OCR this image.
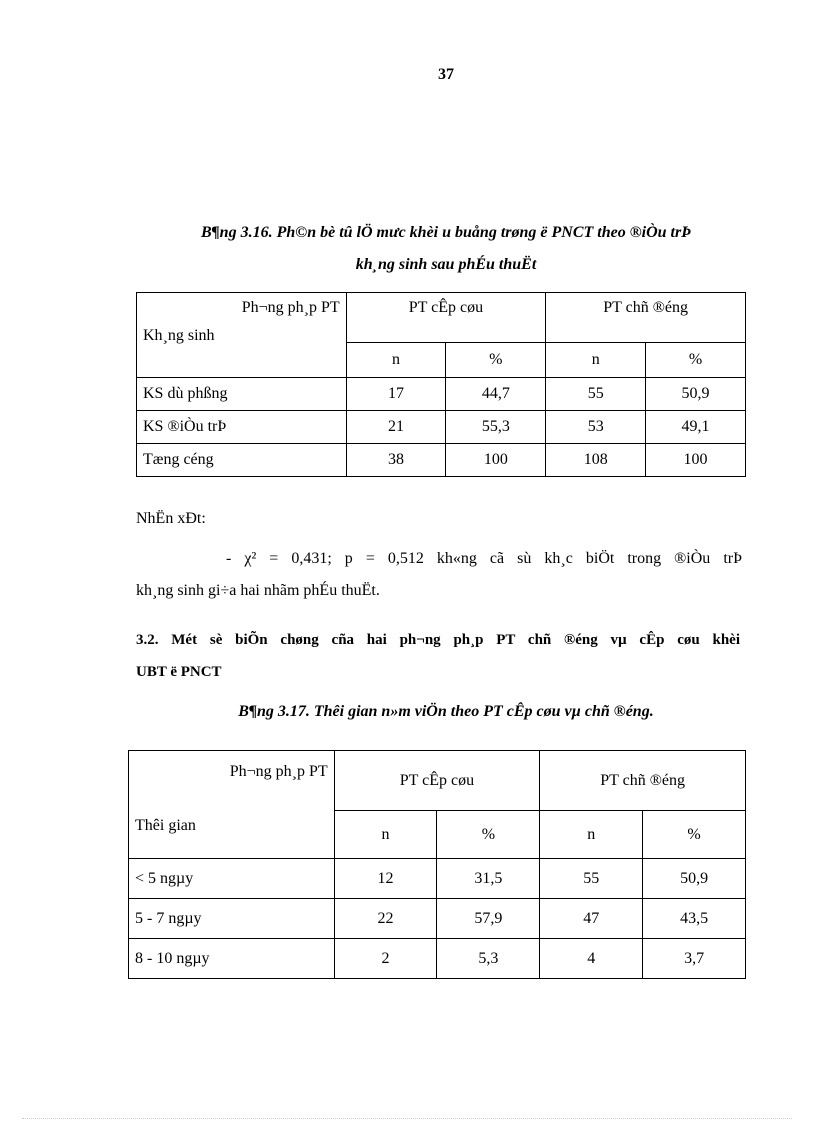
37
B¶ng 3.16. Ph©n bè tû lÖ mưc khèi u buång trøng ë PNCT theo ®iÒu trÞ
kh¸ng sinh sau phÉu thuËt
Ph¬ng ph¸p PT
Kh¸ng sinh	PT cÊp cøu		PT chñ ®éng	
	n	%	n	%
KS dù phßng	17	44,7	55	50,9
KS ®iÒu trÞ	21	55,3	53	49,1
Tæng céng	38	100	108	100
NhËn xÐt:
- χ² = 0,431; p = 0,512 kh«ng cã sù kh¸c biÖt trong ®iÒu trÞ
kh¸ng sinh gi÷a hai nhãm phÉu thuËt.
3.2. Mét sè biÕn chøng cña hai ph¬ng ph¸p PT chñ ®éng vµ cÊp cøu khèi
UBT ë PNCT
B¶ng 3.17. Thêi gian n»m viÖn theo PT cÊp cøu vµ chñ ®éng.
Ph¬ng ph¸p PT
Thêi gian	PT cÊp cøu		PT chñ ®éng	
	n	%	n	%
< 5 ngµy	12	31,5	55	50,9
5 - 7 ngµy	22	57,9	47	43,5
8 - 10 ngµy	2	5,3	4	3,7
